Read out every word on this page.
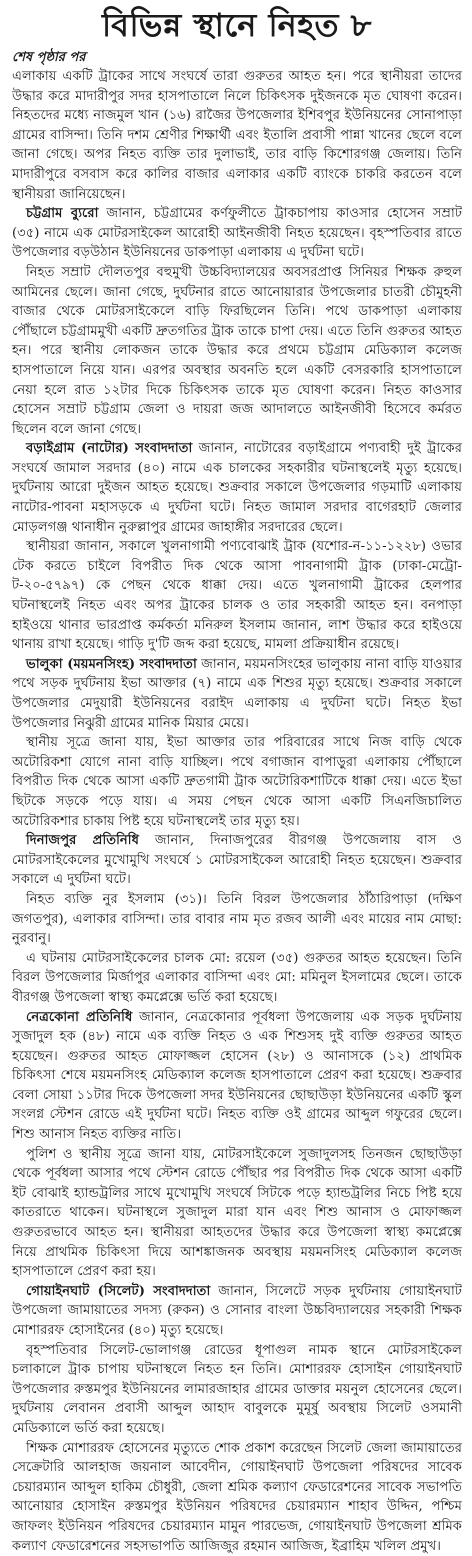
বিভিন্ন স্থানে নিহত ৮

শেষ পৃষ্ঠার পর

এলাকায় একটি ট্রাকের সাথে সংঘর্ষে তারা গুরুতর আহত হন। পরে স্থানীয়রা তাদের উদ্ধার করে মাদারীপুর সদর হাসপাতালে নিলে চিকিৎসক দুইজনকে মৃত ঘোষণা করেন। নিহতদের মধ্যে নাজমুল খান (১৬) রাজৈর উপজেলার ইশিবপুর ইউনিয়নের সোনাপাড়া গ্রামের বাসিন্দা। তিনি দশম শ্রেণীর শিক্ষার্থী এবং ইতালি প্রবাসী পান্না খানের ছেলে বলে জানা গেছে। অপর নিহত ব্যক্তি তার দুলাভাই, তার বাড়ি কিশোরগঞ্জ জেলায়। তিনি মাদারীপুরে বসবাস করে কালির বাজার এলাকার একটি ব্যাংকে চাকরি করতেন বলে স্থানীয়রা জানিয়েছেন।

চট্টগ্রাম ব্যুরো জানান, চট্টগ্রামের কর্ণফুলীতে ট্রাকচাপায় কাওসার হোসেন সম্রাট (৩৫) নামে এক মোটরসাইকেল আরোহী আইনজীবী নিহত হয়েছেন। বৃহস্পতিবার রাতে উপজেলার বড়উঠান ইউনিয়নের ডাকপাড়া এলাকায় এ দুর্ঘটনা ঘটে।

নিহত সম্রাট দৌলতপুর বহুমুখী উচ্চবিদ্যালয়ের অবসরপ্রাপ্ত সিনিয়র শিক্ষক রুহুল আমিনের ছেলে। জানা গেছে, দুর্ঘটনার রাতে আনোয়ারার উপজেলার চাতরী চৌমুহনী বাজার থেকে মোটরসাইকেলে বাড়ি ফিরছিলেন তিনি। পথে ডাকপাড়া এলাকায় পৌঁছালে চট্টগ্রামমুখী একটি দ্রুতগতির ট্রাক তাকে চাপা দেয়। এতে তিনি গুরুতর আহত হন। পরে স্থানীয় লোকজন তাকে উদ্ধার করে প্রথমে চট্টগ্রাম মেডিক্যাল কলেজ হাসপাতালে নিয়ে যান। এরপর অবস্থার অবনতি হলে একটি বেসরকারি হাসপাতালে নেয়া হলে রাত ১২টার দিকে চিকিৎসক তাকে মৃত ঘোষণা করেন। নিহত কাওসার হোসেন সম্রাট চট্টগ্রাম জেলা ও দায়রা জজ আদালতে আইনজীবী হিসেবে কর্মরত ছিলেন বলে জানা গেছে।

বড়াইগ্রাম (নাটোর) সংবাদদাতা জানান, নাটোরের বড়াইগ্রামে পণ্যবাহী দুই ট্রাকের সংঘর্ষে জামাল সরদার (৪০) নামে এক চালকের সহকারীর ঘটনাস্থলেই মৃত্যু হয়েছে। দুর্ঘটনায় আরো দুইজন আহত হয়েছে। শুক্রবার সকালে উপজেলার গড়মাটি এলাকায় নাটোর-পাবনা মহাসড়কে এ দুর্ঘটনা ঘটে। নিহত জামাল সরদার বাগেরহাট জেলার মোড়লগঞ্জ থানাধীন নুরুল্লাপুর গ্রামের জাহাঙ্গীর সরদারের ছেলে।

স্থানীয়রা জানান, সকালে খুলনাগামী পণ্যবোঝাই ট্রাক (যশোর-ন-১১-১২২৮) ওভার টেক করতে চাইলে বিপরীত দিক থেকে আসা পাবনাগামী ট্রাক (ঢাকা-মেট্রো-ট-২০-৫৭৯৭) কে পেছন থেকে ধাক্কা দেয়। এতে খুলনাগামী ট্রাকের হেলপার ঘটনাস্থলেই নিহত এবং অপর ট্রাকের চালক ও তার সহকারী আহত হন। বনপাড়া হাইওয়ে থানার ভারপ্রাপ্ত কর্মকর্তা মনিরুল ইসলাম জানান, লাশ উদ্ধার করে হাইওয়ে থানায় রাখা হয়েছে। গাড়ি দু'টি জব্দ করা হয়েছে, মামলা প্রক্রিয়াধীন রয়েছে।

ভালুকা (ময়মনসিংহ) সংবাদদাতা জানান, ময়মনসিংহের ভালুকায় নানা বাড়ি যাওয়ার পথে সড়ক দুর্ঘটনায় ইভা আক্তার (৭) নামে এক শিশুর মৃত্যু হয়েছে। শুক্রবার সকালে উপজেলার মেদুয়ারী ইউনিয়নের বরাইদ এলাকায় এ দুর্ঘটনা ঘটে। নিহত ইভা উপজেলার নিঝুরী গ্রামের মানিক মিয়ার মেয়ে।

স্থানীয় সূত্রে জানা যায়, ইভা আক্তার তার পরিবারের সাথে নিজ বাড়ি থেকে অটোরিকশা যোগে নানা বাড়ি যাচ্ছিল। পথে বগাজান বাপাড়ুরা এলাকায় পৌঁছালে বিপরীত দিক থেকে আসা একটি দ্রুতগামী ট্রাক অটোরিকশাটিকে ধাক্কা দেয়। এতে ইভা ছিটকে সড়কে পড়ে যায়। এ সময় পেছন থেকে আসা একটি সিএনজিচালিত অটোরিকশার চাকায় পিষ্ট হয়ে ঘটনাস্থলেই তার মৃত্যু হয়।

দিনাজপুর প্রতিনিধি জানান, দিনাজপুরের বীরগঞ্জ উপজেলায় বাস ও মোটরসাইকেলের মুখোমুখি সংঘর্ষে ১ মোটরসাইকেল আরোহী নিহত হয়েছেন। শুক্রবার সকালে এ দুর্ঘটনা ঘটে।

নিহত ব্যক্তি নুর ইসলাম (৩১)। তিনি বিরল উপজেলার ঠাঁঠারিপাড়া (দক্ষিণ জগতপুর), এলাকার বাসিন্দা। তার বাবার নাম মৃত রজব আলী এবং মায়ের নাম মোছা: নুরবানু।

এ ঘটনায় মোটরসাইকেলের চালক মো: রয়েল (৩৫) গুরুতর আহত হয়েছেন। তিনি বিরল উপজেলার মির্জাপুর এলাকার বাসিন্দা এবং মো: মমিনুল ইসলামের ছেলে। তাকে বীরগঞ্জ উপজেলা স্বাস্থ্য কমপ্লেক্সে ভর্তি করা হয়েছে।

নেত্রকোনা প্রতিনিধি জানান, নেত্রকোনার পূর্বধলা উপজেলায় এক সড়ক দুর্ঘটনায় সুজাদুল হক (৪৮) নামে এক ব্যক্তি নিহত ও এক শিশুসহ দুই ব্যক্তি গুরুতর আহত হয়েছেন। গুরুতর আহত মোফাজ্জল হোসেন (২৮) ও আনাসকে (১২) প্রাথমিক চিকিৎসা শেষে ময়মনসিংহ মেডিক্যাল কলেজ হাসপাতালে প্রেরণ করা হয়েছে। শুক্রবার বেলা সোয়া ১১টার দিকে উপজেলা সদর ইউনিয়নের ছোছাউড়া ইউনিয়নের একটি স্কুল সংলগ্ন স্টেশন রোডে এই দুর্ঘটনা ঘটে। নিহত ব্যক্তি ওই গ্রামের আব্দুল গফুরের ছেলে। শিশু আনাস নিহত ব্যক্তির নাতি।

পুলিশ ও স্থানীয় সূত্রে জানা যায়, মোটরসাইকেলে সুজাদুলসহ তিনজন ছোছাউড়া থেকে পূর্বধলা আসার পথে স্টেশন রোডে পৌঁছার পর বিপরীত দিক থেকে আসা একটি ইট বোঝাই হ্যান্ডট্রলির সাথে মুখোমুখি সংঘর্ষে সিটকে পড়ে হ্যান্ডট্রলির নিচে পিষ্ট হয়ে কাতরাতে থাকেন। ঘটনাস্থলে সুজাদুল মারা যান এবং শিশু আনাস ও মোফাজ্জল গুরুতরভাবে আহত হন। স্থানীয়রা আহতদের উদ্ধার করে উপজেলা স্বাস্থ্য কমপ্লেক্সে নিয়ে প্রাথমিক চিকিৎসা দিয়ে আশঙ্কাজনক অবস্থায় ময়মনসিংহ মেডিক্যাল কলেজ হাসপাতালে প্রেরণ করা হয়।

গোয়াইনঘাট (সিলেট) সংবাদদাতা জানান, সিলেটে সড়ক দুর্ঘটনায় গোয়াইনঘাট উপজেলা জামায়াতের সদস্য (রুকন) ও সোনার বাংলা উচ্চবিদ্যালয়ের সহকারী শিক্ষক মোশাররফ হোসাইনের (৪০) মৃত্যু হয়েছে।

বৃহস্পতিবার সিলেট-ভোলাগঞ্জ রোডের ধূপাগুল নামক স্থানে মোটরসাইকেল চলাকালে ট্রাক চাপায় ঘটনাস্থলে নিহত হন তিনি। মোশাররফ হোসাইন গোয়াইনঘাট উপজেলার রুস্তমপুর ইউনিয়নের লামারজাহার গ্রামের ডাক্তার ময়নুল হোসেনের ছেলে। দুর্ঘটনায় লেবানন প্রবাসী আব্দুল আহাদ বাবুলকে মুমূর্ষু অবস্থায় সিলেট ওসমানী মেডিক্যালে ভর্তি করা হয়েছে।

শিক্ষক মোশাররফ হোসেনের মৃত্যুতে শোক প্রকাশ করেছেন সিলেট জেলা জামায়াতের সেক্রেটারি আলহাজ জয়নাল আবেদীন, গোয়াইনঘাট উপজেলা পরিষদের সাবেক চেয়ারম্যান আব্দুল হাকিম চৌধুরী, জেলা শ্রমিক কল্যাণ ফেডারেশনের সাবেক সভাপতি আনোয়ার হোসাইন রুস্তমপুর ইউনিয়ন পরিষদের চেয়ারম্যান শাহাব উদ্দিন, পশ্চিম জাফলং ইউনিয়ন পরিষদের চেয়ারম্যান মামুন পারভেজ, গোয়াইনঘাট উপজেলা শ্রমিক কল্যাণ ফেডারেশনের সহসভাপতি আজিজুর রহমান আজিজ, ইব্রাহিম খলিল প্রমুখ।
